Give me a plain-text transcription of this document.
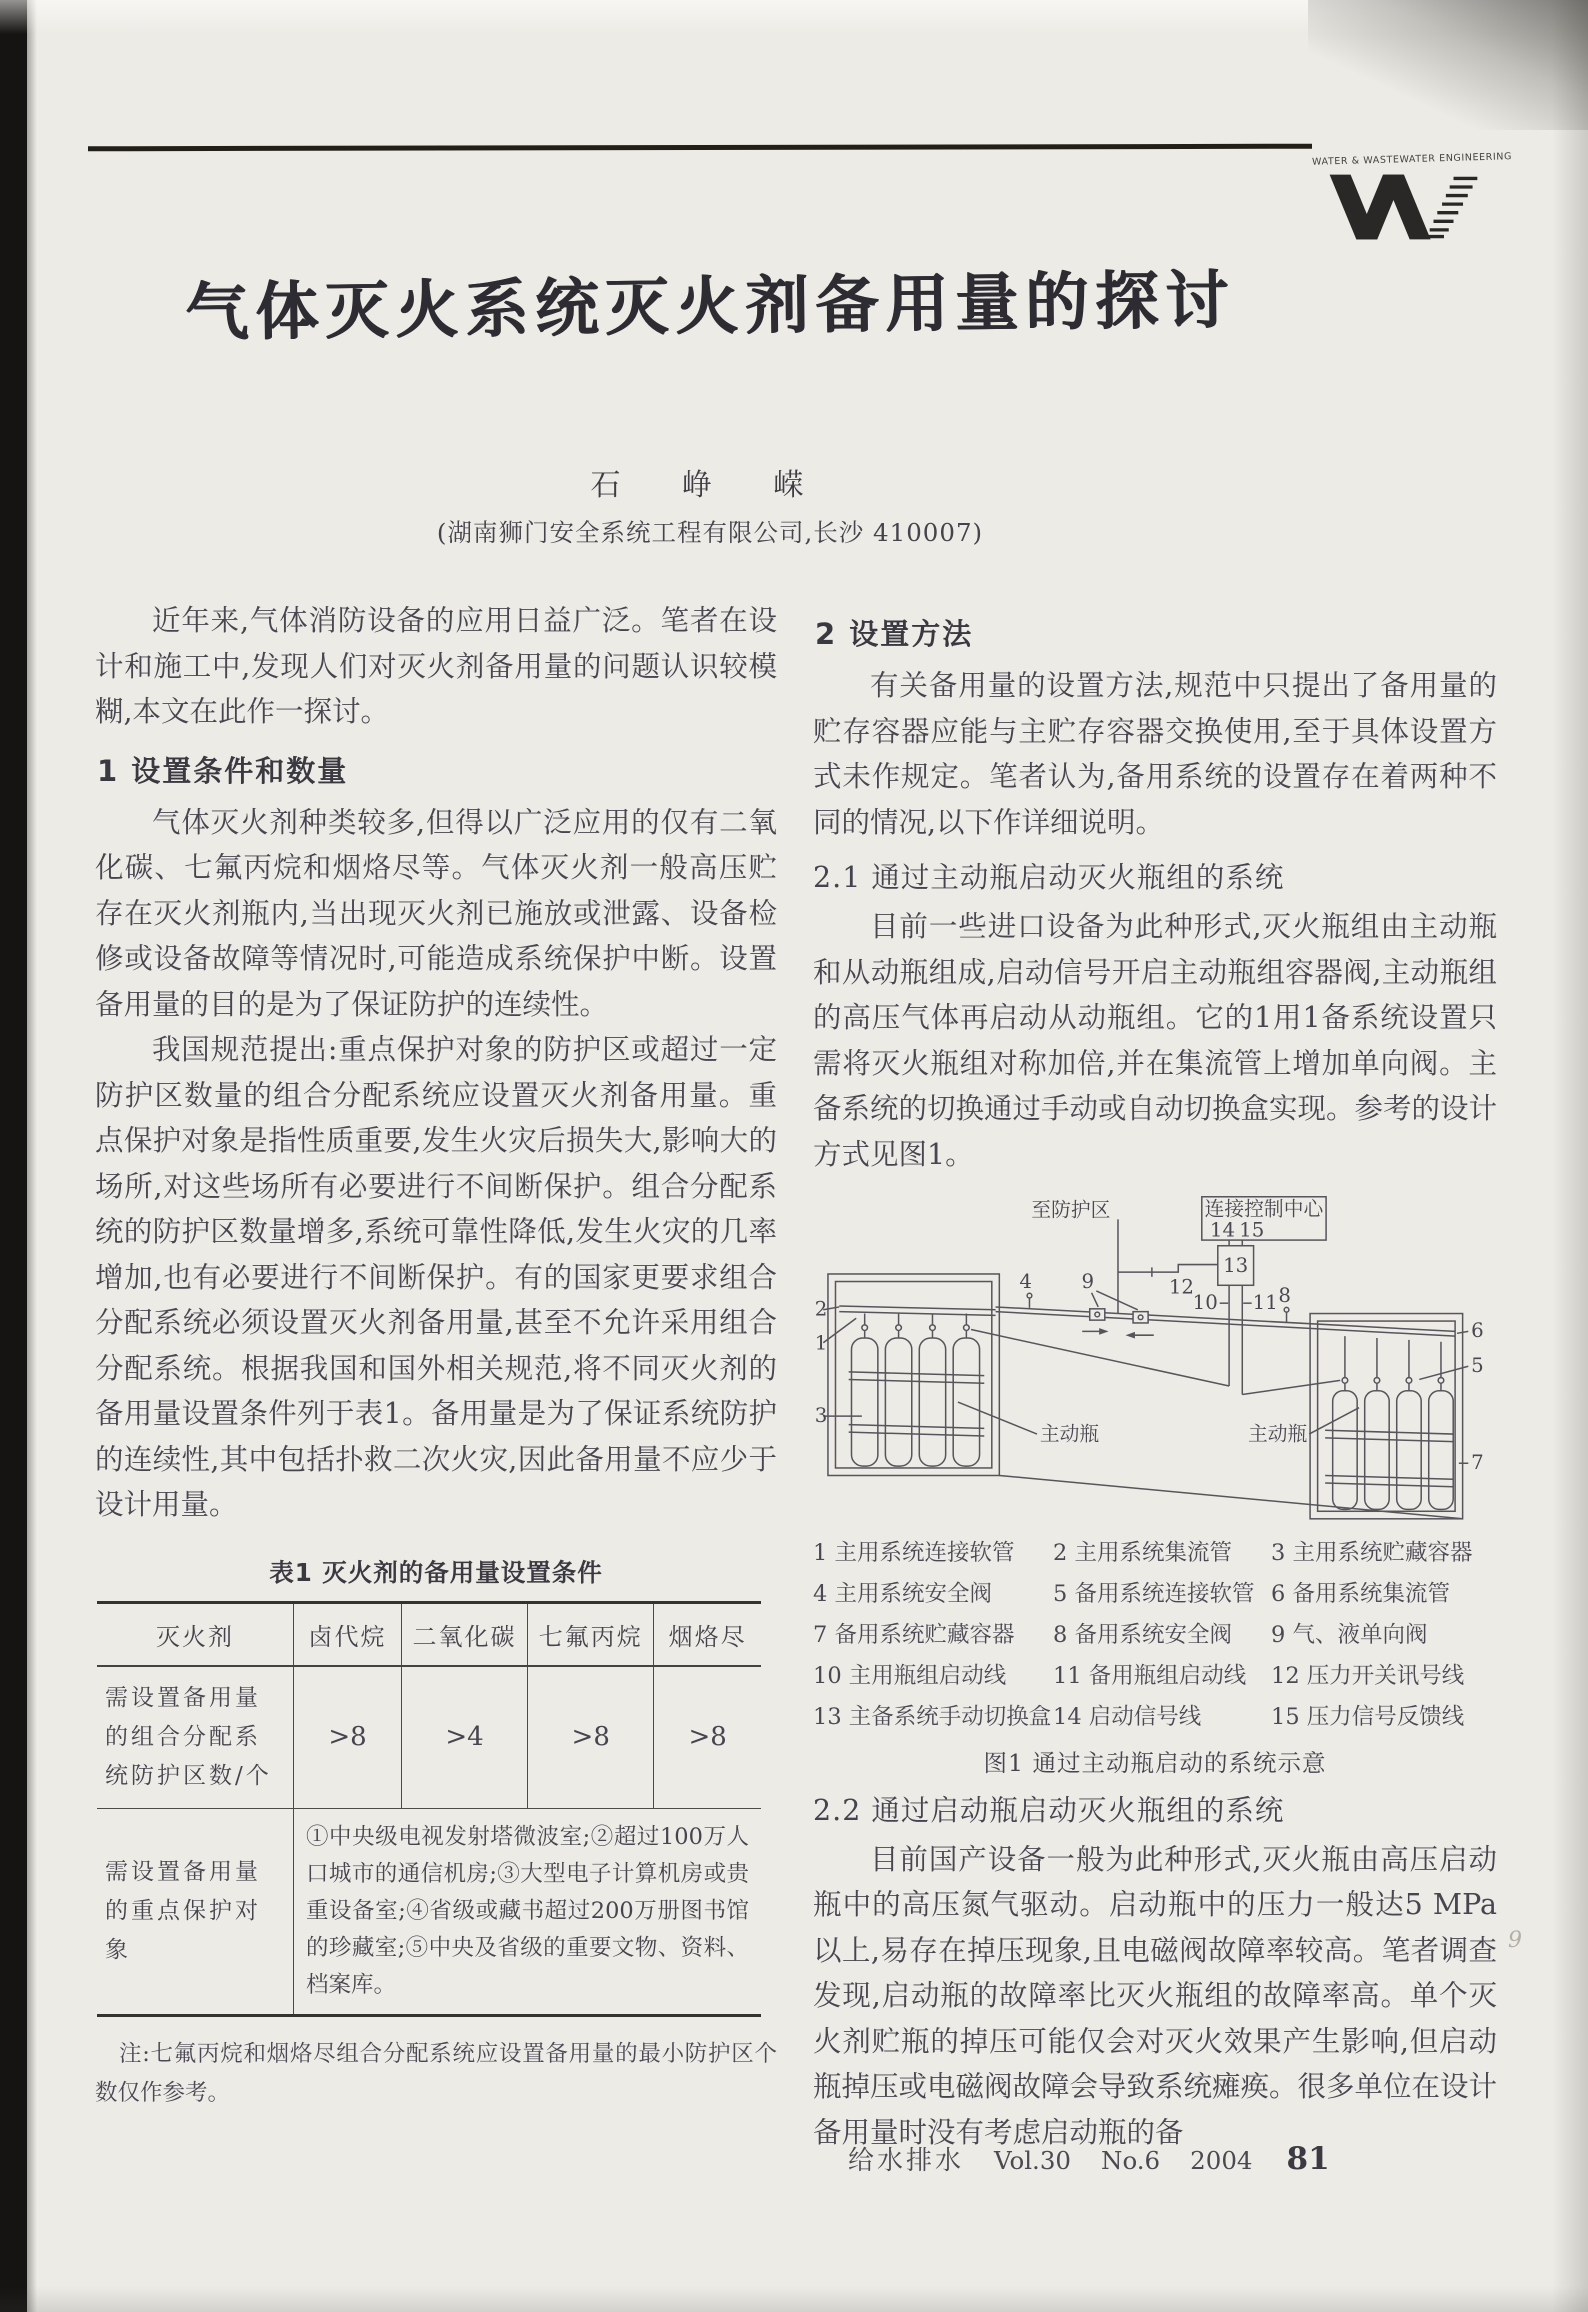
WATER & WASTEWATER ENGINEERING
气体灭火系统灭火剂备用量的探讨
石 峥 嵘
(湖南狮门安全系统工程有限公司,长沙 410007)

近年来,气体消防设备的应用日益广泛。笔者在设计和施工中,发现人们对灭火剂备用量的问题认识较模糊,本文在此作一探讨。

1 设置条件和数量

气体灭火剂种类较多,但得以广泛应用的仅有二氧化碳、七氟丙烷和烟烙尽等。气体灭火剂一般高压贮存在灭火剂瓶内,当出现灭火剂已施放或泄露、设备检修或设备故障等情况时,可能造成系统保护中断。设置备用量的目的是为了保证防护的连续性。

我国规范提出:重点保护对象的防护区或超过一定防护区数量的组合分配系统应设置灭火剂备用量。重点保护对象是指性质重要,发生火灾后损失大,影响大的场所,对这些场所有必要进行不间断保护。组合分配系统的防护区数量增多,系统可靠性降低,发生火灾的几率增加,也有必要进行不间断保护。有的国家更要求组合分配系统必须设置灭火剂备用量,甚至不允许采用组合分配系统。根据我国和国外相关规范,将不同灭火剂的备用量设置条件列于表1。备用量是为了保证系统防护的连续性,其中包括扑救二次火灾,因此备用量不应少于设计用量。

表1 灭火剂的备用量设置条件
灭火剂	卤代烷	二氧化碳	七氟丙烷	烟烙尽
需设置备用量的组合分配系统防护区数/个	>8	>4	>8	>8
需设置备用量的重点保护对象	①中央级电视发射塔微波室;②超过100万人口城市的通信机房;③大型电子计算机房或贵重设备室;④省级或藏书超过200万册图书馆的珍藏室;⑤中央及省级的重要文物、资料、档案库。			

注:七氟丙烷和烟烙尽组合分配系统应设置备用量的最小防护区个数仅作参考。

2 设置方法

有关备用量的设置方法,规范中只提出了备用量的贮存容器应能与主贮存容器交换使用,至于具体设置方式未作规定。笔者认为,备用系统的设置存在着两种不同的情况,以下作详细说明。

2.1 通过主动瓶启动灭火瓶组的系统

目前一些进口设备为此种形式,灭火瓶组由主动瓶和从动瓶组成,启动信号开启主动瓶组容器阀,主动瓶组的高压气体再启动从动瓶组。它的1用1备系统设置只需将灭火瓶组对称加倍,并在集流管上增加单向阀。主备系统的切换通过手动或自动切换盒实现。参考的设计方式见图1。

至防护区	连接控制中心
14 15
13
12
9
10 11 8
4
2
1
3
6
5
7
主动瓶	主动瓶
1 主用系统连接软管	2 主用系统集流管	3 主用系统贮藏容器
4 主用系统安全阀	5 备用系统连接软管 6 备用系统集流管
7 备用系统贮藏容器	8 备用系统安全阀	9 气、液单向阀
10 主用瓶组启动线	11 备用瓶组启动线	12 压力开关讯号线
13 主备系统手动切换盒 14 启动信号线	15 压力信号反馈线
图1 通过主动瓶启动的系统示意
2.2 通过启动瓶启动灭火瓶组的系统

目前国产设备一般为此种形式,灭火瓶由高压启动瓶中的高压氮气驱动。启动瓶中的压力一般达5 MPa以上,易存在掉压现象,且电磁阀故障率较高。笔者调查发现,启动瓶的故障率比灭火瓶组的故障率高。单个灭火剂贮瓶的掉压可能仅会对灭火效果产生影响,但启动瓶掉压或电磁阀故障会导致系统瘫痪。很多单位在设计备用量时没有考虑启动瓶的备

给水排水 Vol.30 No.6 2004 81
9
